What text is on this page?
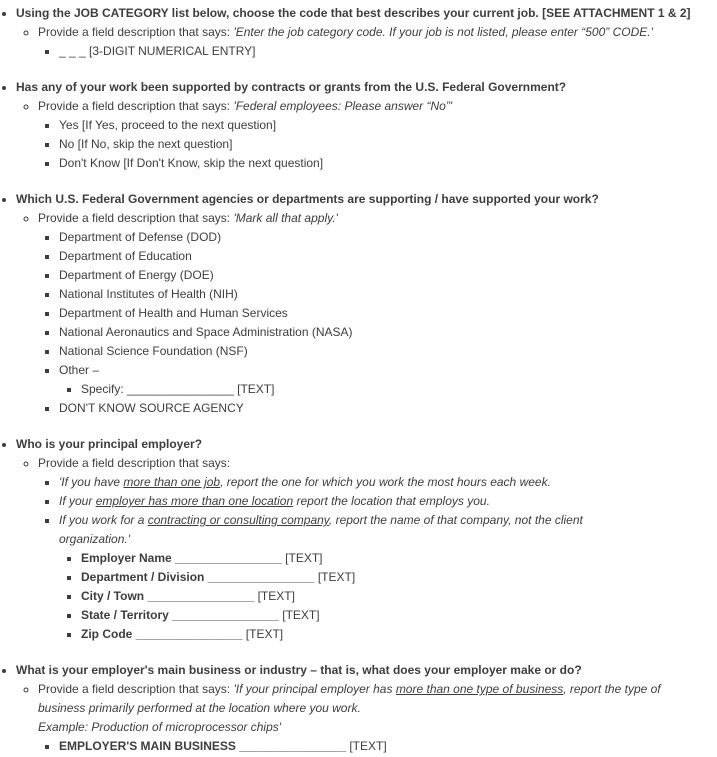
• Using the JOB CATEGORY list below, choose the code that best describes your current job. [SEE ATTACHMENT 1 & 2]
◦ Provide a field description that says: 'Enter the job category code. If your job is not listed, please enter “500” CODE.'
▪ _ _ _ [3-DIGIT NUMERICAL ENTRY]
• Has any of your work been supported by contracts or grants from the U.S. Federal Government?
◦ Provide a field description that says: 'Federal employees: Please answer “No”'
▪ Yes [If Yes, proceed to the next question]
▪ No [If No, skip the next question]
▪ Don't Know [If Don't Know, skip the next question]
• Which U.S. Federal Government agencies or departments are supporting / have supported your work?
◦ Provide a field description that says: 'Mark all that apply.'
▪ Department of Defense (DOD)
▪ Department of Education
▪ Department of Energy (DOE)
▪ National Institutes of Health (NIH)
▪ Department of Health and Human Services
▪ National Aeronautics and Space Administration (NASA)
▪ National Science Foundation (NSF)
▪ Other –
▪ Specify: ________________ [TEXT]
▪ DON'T KNOW SOURCE AGENCY
• Who is your principal employer?
◦ Provide a field description that says:
▪ 'If you have more than one job, report the one for which you work the most hours each week.
▪ If your employer has more than one location report the location that employs you.
▪ If you work for a contracting or consulting company, report the name of that company, not the client
organization.'
▪ Employer Name ________________ [TEXT]
▪ Department / Division ________________ [TEXT]
▪ City / Town ________________ [TEXT]
▪ State / Territory ________________ [TEXT]
▪ Zip Code ________________ [TEXT]
• What is your employer's main business or industry – that is, what does your employer make or do?
◦ Provide a field description that says: 'If your principal employer has more than one type of business, report the type of
business primarily performed at the location where you work.
Example: Production of microprocessor chips'
▪ EMPLOYER'S MAIN BUSINESS ________________ [TEXT]
